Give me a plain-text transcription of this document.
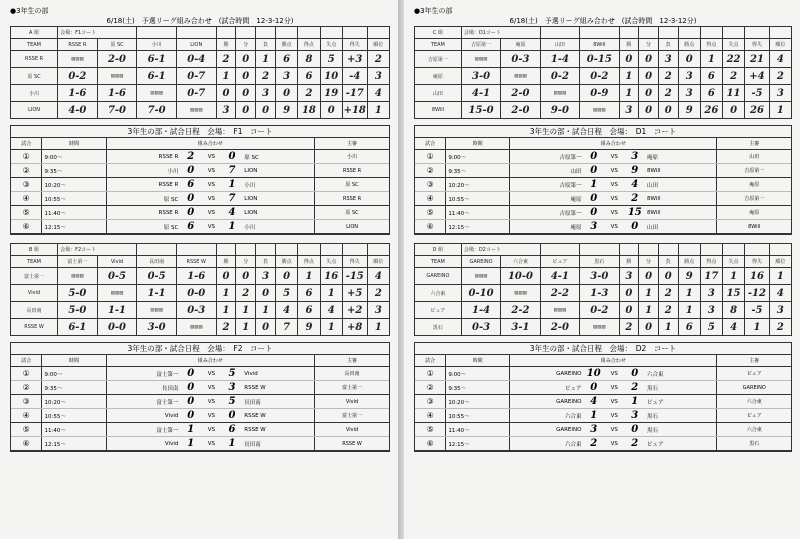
●3年生の部
6/18(土)　予選リーグ組み合わせ　(試合時間　12-3-12分)
A 組	会場：F1コート											
TEAM	RSSE R	原 SC	小川	LION	勝	分	負	勝点	得点	失点	得失	順位
RSSE R	▨▨▨	2-0	6-1	0-4	2	0	1	6	8	5	+3	2
原 SC	0-2	▨▨▨	6-1	0-7	1	0	2	3	6	10	-4	3
小川	1-6	1-6	▨▨▨	0-7	0	0	3	0	2	19	-17	4
LION	4-0	7-0	7-0	▨▨▨	3	0	0	9	18	0	+18	1
3年生の部・試合日程　会場：　F1　コート
試合	時間	組み合わせ					主審
①	9:00～	RSSE R	2	VS	0	原 SC	小川
②	9:35～	小川	0	VS	7	LION	RSSE R
③	10:20～	RSSE R	6	VS	1	小川	原 SC
④	10:55～	原 SC	0	VS	7	LION	RSSE R
⑤	11:40～	RSSE R	0	VS	4	LION	原 SC
⑥	12:15～	原 SC	6	VS	1	小川	LION
B 組	会場：F2コート											
TEAM	富士第一	Vivid	長田南	RSSE W	勝	分	負	勝点	得点	失点	得失	順位
富士第一	▨▨▨	0-5	0-5	1-6	0	0	3	0	1	16	-15	4
Vivid	5-0	▨▨▨	1-1	0-0	1	2	0	5	6	1	+5	2
長田南	5-0	1-1	▨▨▨	0-3	1	1	1	4	6	4	+2	3
RSSE W	6-1	0-0	3-0	▨▨▨	2	1	0	7	9	1	+8	1
3年生の部・試合日程　会場：　F2　コート
試合	時間	組み合わせ					主審
①	9:00～	富士第一	0	VS	5	Vivid	長田南
②	9:35～	長田南	0	VS	3	RSSE W	富士第一
③	10:20～	富士第一	0	VS	5	長田南	Vivid
④	10:55～	Vivid	0	VS	0	RSSE W	富士第一
⑤	11:40～	富士第一	1	VS	6	RSSE W	Vivid
⑥	12:15～	Vivid	1	VS	1	長田南	RSSE W
●3年生の部
6/18(土)　予選リーグ組み合わせ　(試合時間　12-3-12分)
C 組	会場：D1コート											
TEAM	吉原第一	庵原	山田	8Will	勝	分	負	勝点	得点	失点	得失	順位
吉原第一	▨▨▨	0-3	1-4	0-15	0	0	3	0	1	22	21	4
庵原	3-0	▨▨▨	0-2	0-2	1	0	2	3	6	2	+4	2
山田	4-1	2-0	▨▨▨	0-9	1	0	2	3	6	11	-5	3
8Will	15-0	2-0	9-0	▨▨▨	3	0	0	9	26	0	26	1
3年生の部・試合日程　会場：　D1　コート
試合	時間	組み合わせ					主審
①	9:00～	吉原第一	0	VS	3	庵原	山田
②	9:35～	山田	0	VS	9	8Will	吉原第一
③	10:20～	吉原第一	1	VS	4	山田	庵原
④	10:55～	庵原	0	VS	2	8Will	吉原第一
⑤	11:40～	吉原第一	0	VS	15	8Will	庵原
⑥	12:15～	庵原	3	VS	0	山田	8Will
D 組	会場：D2コート											
TEAM	GAREINO	六合東	ピュア	黒石	勝	分	負	勝点	得点	失点	得失	順位
GAREINO	▨▨▨	10-0	4-1	3-0	3	0	0	9	17	1	16	1
六合東	0-10	▨▨▨	2-2	1-3	0	1	2	1	3	15	-12	4
ピュア	1-4	2-2	▨▨▨	0-2	0	1	2	1	3	8	-5	3
黒石	0-3	3-1	2-0	▨▨▨	2	0	1	6	5	4	1	2
3年生の部・試合日程　会場：　D2　コート
試合	時間	組み合わせ					主審
①	9:00～	GAREINO	10	VS	0	六合東	ピュア
②	9:35～	ピュア	0	VS	2	黒石	GAREINO
③	10:20～	GAREINO	4	VS	1	ピュア	六合東
④	10:55～	六合東	1	VS	3	黒石	ピュア
⑤	11:40～	GAREINO	3	VS	0	黒石	六合東
⑥	12:15～	六合東	2	VS	2	ピュア	黒石
